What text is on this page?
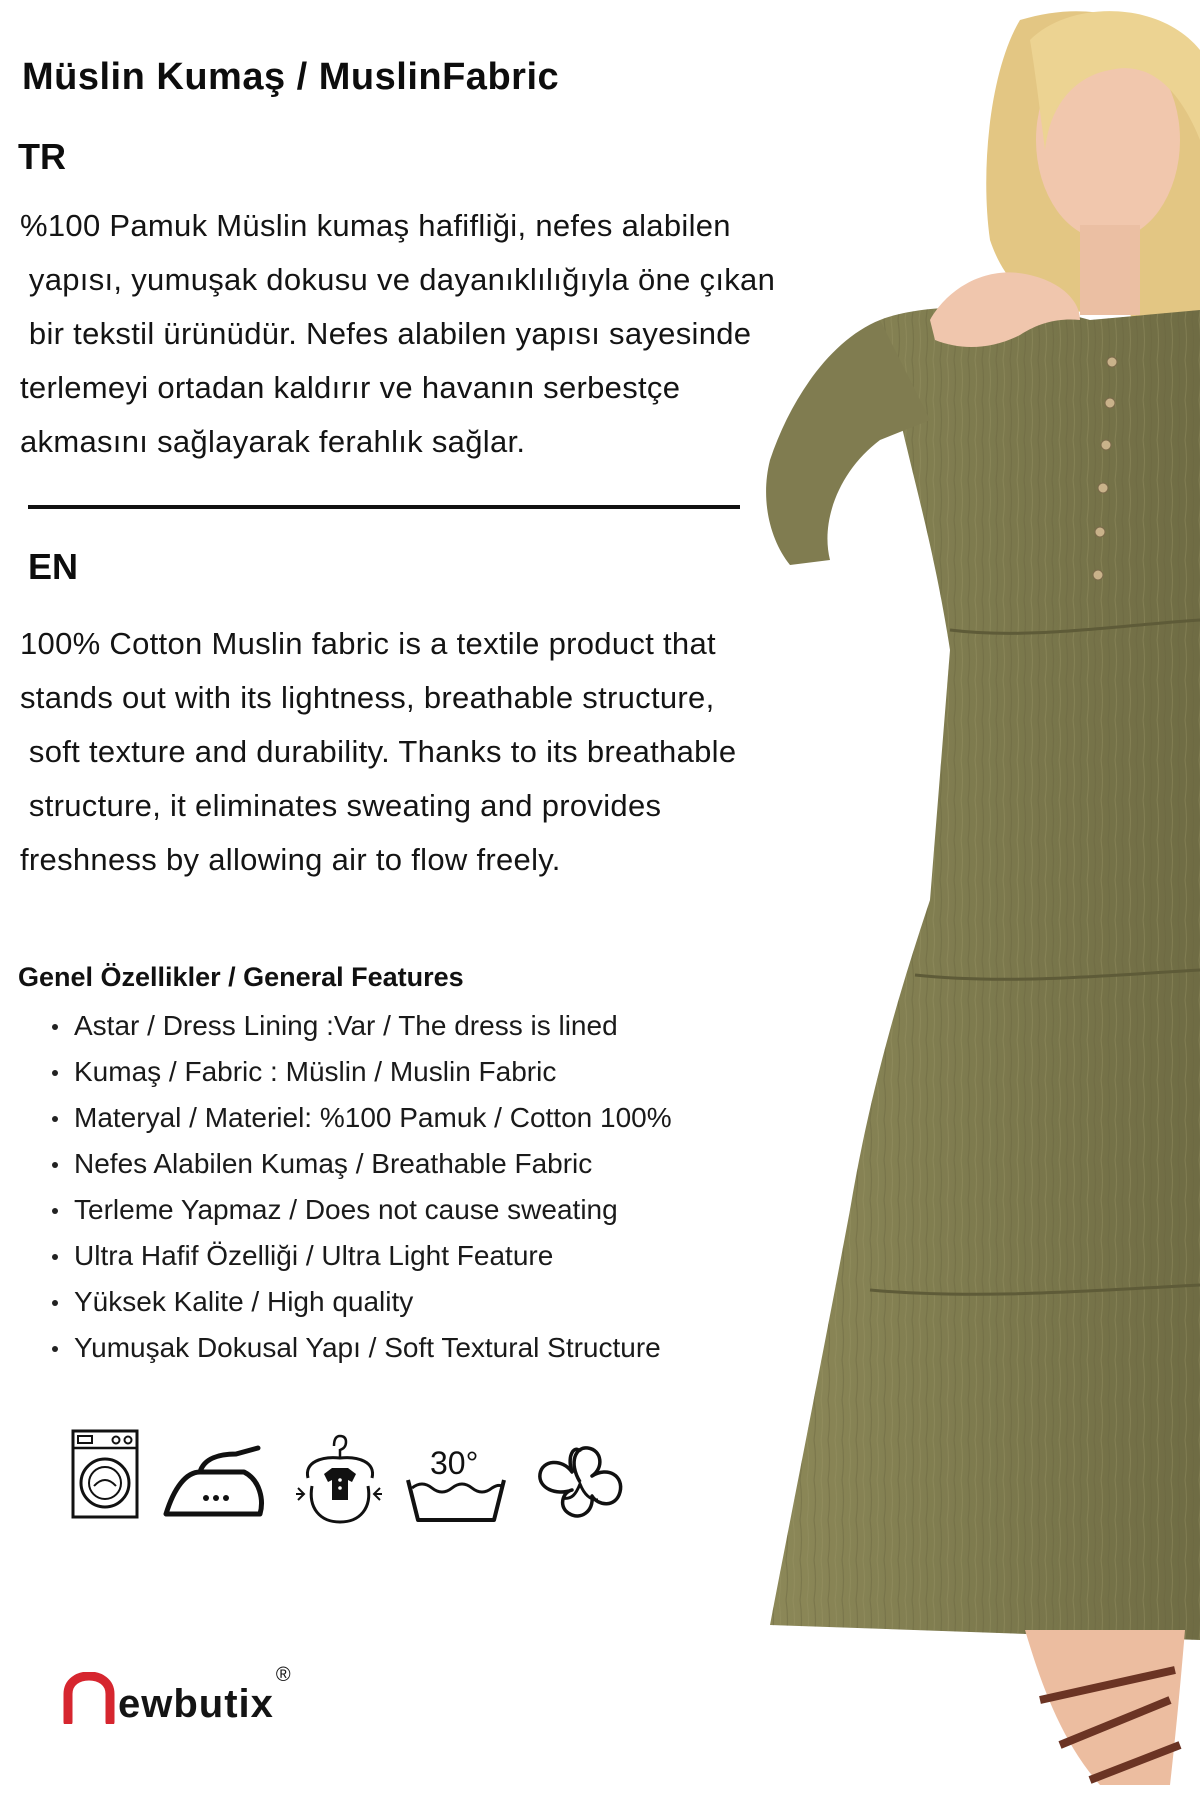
Müslin Kumaş / MuslinFabric
TR

%100 Pamuk Müslin kumaş hafifliği, nefes alabilen

yapısı, yumuşak dokusu ve dayanıklılığıyla öne çıkan

bir tekstil ürünüdür. Nefes alabilen yapısı sayesinde

terlemeyi ortadan kaldırır ve havanın serbestçe

akmasını sağlayarak ferahlık sağlar.

EN

100% Cotton Muslin fabric is a textile product that

stands out with its lightness, breathable structure,

soft texture and durability. Thanks to its breathable

structure, it eliminates sweating and provides

freshness by allowing air to flow freely.

Genel Özellikler / General Features
Astar / Dress Lining :Var / The dress is lined
Kumaş / Fabric : Müslin / Muslin Fabric
Materyal / Materiel: %100 Pamuk / Cotton 100%
Nefes Alabilen Kumaş / Breathable Fabric
Terleme Yapmaz / Does not cause sweating
Ultra Hafif Özelliği / Ultra Light Feature
Yüksek Kalite / High quality
Yumuşak Dokusal Yapı / Soft Textural Structure
30°
ewbutix
®
